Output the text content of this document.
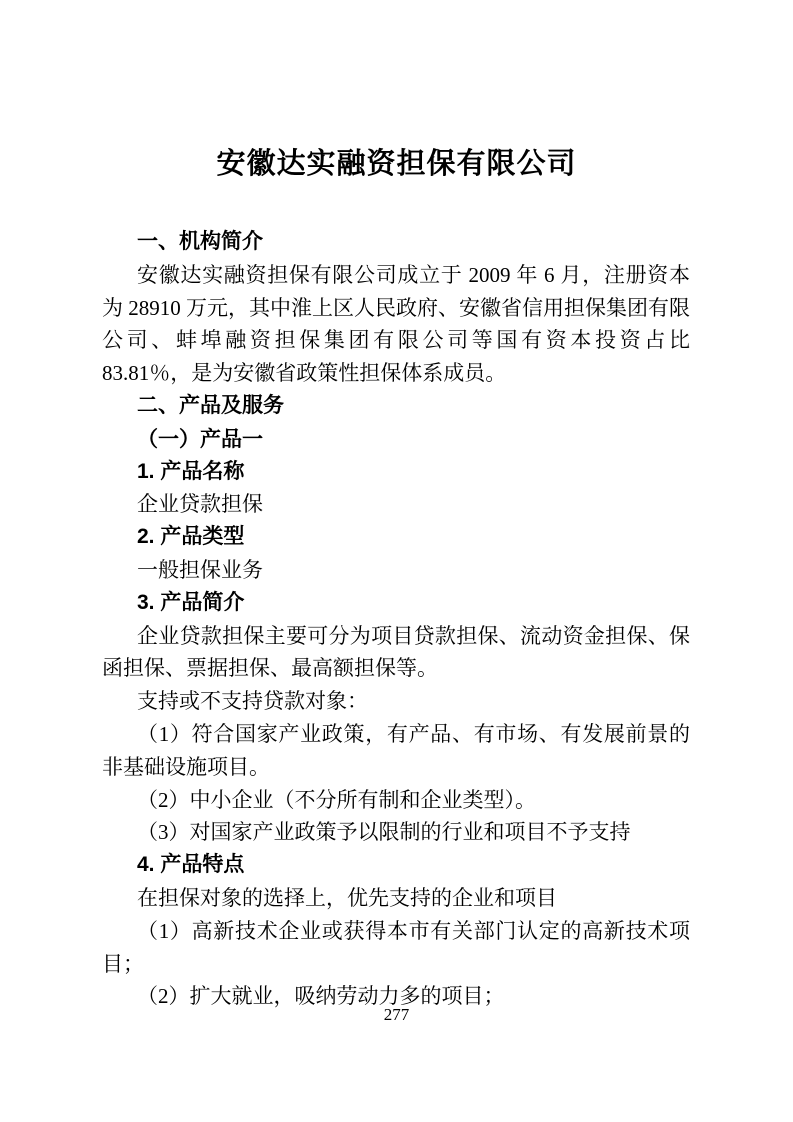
安徽达实融资担保有限公司
一、机构简介
安徽达实融资担保有限公司成立于 2009 年 6 月，注册资本为 28910 万元，其中淮上区人民政府、安徽省信用担保集团有限公司、蚌埠融资担保集团有限公司等国有资本投资占比 83.81％，是为安徽省政策性担保体系成员。
二、产品及服务
（一）产品一
1. 产品名称
企业贷款担保
2. 产品类型
一般担保业务
3. 产品简介
企业贷款担保主要可分为项目贷款担保、流动资金担保、保函担保、票据担保、最高额担保等。
支持或不支持贷款对象：
（1）符合国家产业政策，有产品、有市场、有发展前景的非基础设施项目。
（2）中小企业（不分所有制和企业类型）。
（3）对国家产业政策予以限制的行业和项目不予支持
4. 产品特点
在担保对象的选择上，优先支持的企业和项目
（1）高新技术企业或获得本市有关部门认定的高新技术项目；
（2）扩大就业，吸纳劳动力多的项目；
277
